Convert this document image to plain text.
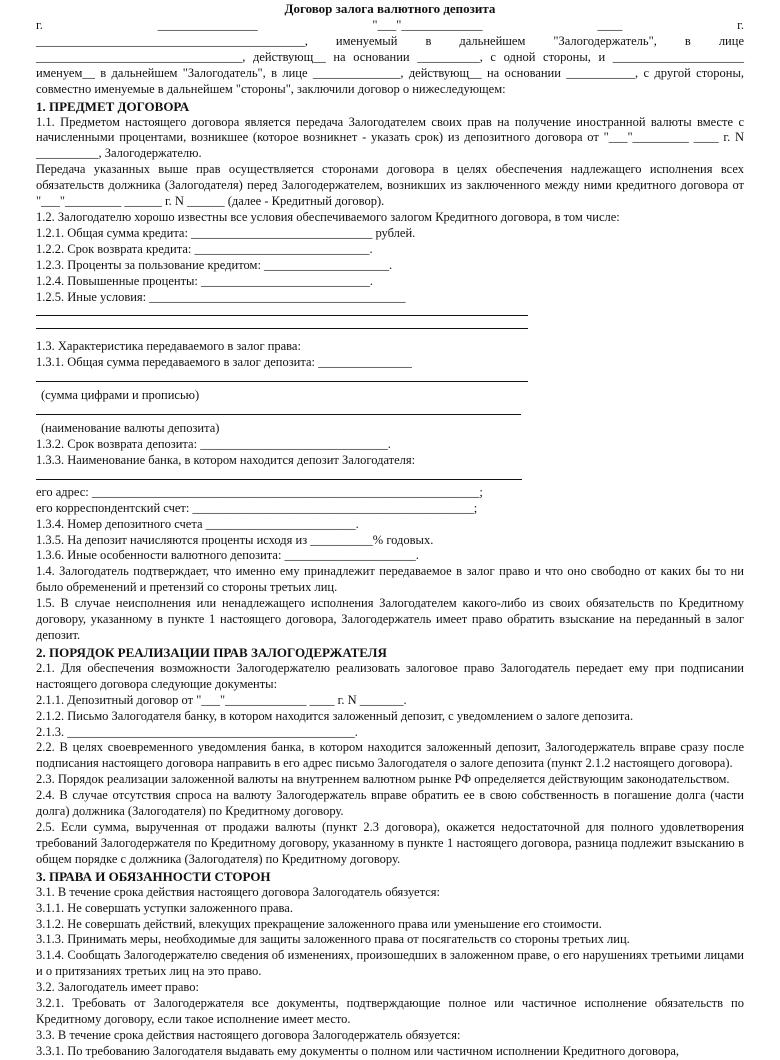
Договор залога валютного депозита

г. ________________ "___"_____________ ____ г.

___________________________________________, именуемый в дальнейшем "Залогодержатель", в лице

_________________________________, действующ__ на основании __________, с одной стороны, и _____________________

именуем__ в дальнейшем "Залогодатель", в лице ______________, действующ__ на основании ___________, с другой стороны,

совместно именуемые в дальнейшем "стороны", заключили договор о нижеследующем:

1. ПРЕДМЕТ ДОГОВОРА

1.1. Предметом настоящего договора является передача Залогодателем своих прав на получение иностранной валюты вместе с начисленными процентами, возникшее (которое возникнет - указать срок) из депозитного договора от "___"_________ ____ г. N __________, Залогодержателю.

Передача указанных выше прав осуществляется сторонами договора в целях обеспечения надлежащего исполнения всех обязательств должника (Залогодателя) перед Залогодержателем, возникших из заключенного между ними кредитного договора от "___"_________ ______ г. N ______ (далее - Кредитный договор).

1.2. Залогодателю хорошо известны все условия обеспечиваемого залогом Кредитного договора, в том числе:

1.2.1. Общая сумма кредита: _____________________________ рублей.

1.2.2. Срок возврата кредита: ____________________________.

1.2.3. Проценты за пользование кредитом: ____________________.

1.2.4. Повышенные проценты: ___________________________.

1.2.5. Иные условия: _________________________________________

1.3. Характеристика передаваемого в залог права:

1.3.1. Общая сумма передаваемого в залог депозита: _______________

(сумма цифрами и прописью)

(наименование валюты депозита)

1.3.2. Срок возврата депозита: ______________________________.

1.3.3. Наименование банка, в котором находится депозит Залогодателя:

его адрес: ______________________________________________________________;

его корреспондентский счет: _____________________________________________;

1.3.4. Номер депозитного счета ________________________.

1.3.5. На депозит начисляются проценты исходя из __________% годовых.

1.3.6. Иные особенности валютного депозита: _____________________.

1.4. Залогодатель подтверждает, что именно ему принадлежит передаваемое в залог право и что оно свободно от каких бы то ни было обременений и претензий со стороны третьих лиц.

1.5. В случае неисполнения или ненадлежащего исполнения Залогодателем какого-либо из своих обязательств по Кредитному договору, указанному в пункте 1 настоящего договора, Залогодержатель имеет право обратить взыскание на переданный в залог депозит.

2. ПОРЯДОК РЕАЛИЗАЦИИ ПРАВ ЗАЛОГОДЕРЖАТЕЛЯ

2.1. Для обеспечения возможности Залогодержателю реализовать залоговое право Залогодатель передает ему при подписании настоящего договора следующие документы:

2.1.1. Депозитный договор от "___"_____________ ____ г. N _______.

2.1.2. Письмо Залогодателя банку, в котором находится заложенный депозит, с уведомлением о залоге депозита.

2.1.3. ______________________________________________.

2.2. В целях своевременного уведомления банка, в котором находится заложенный депозит, Залогодержатель вправе сразу после подписания настоящего договора направить в его адрес письмо Залогодателя о залоге депозита (пункт 2.1.2 настоящего договора).

2.3. Порядок реализации заложенной валюты на внутреннем валютном рынке РФ определяется действующим законодательством.

2.4. В случае отсутствия спроса на валюту Залогодержатель вправе обратить ее в свою собственность в погашение долга (части долга) должника (Залогодателя) по Кредитному договору.

2.5. Если сумма, вырученная от продажи валюты (пункт 2.3 договора), окажется недостаточной для полного удовлетворения требований Залогодержателя по Кредитному договору, указанному в пункте 1 настоящего договора, разница подлежит взысканию в общем порядке с должника (Залогодателя) по Кредитному договору.

3. ПРАВА И ОБЯЗАННОСТИ СТОРОН

3.1. В течение срока действия настоящего договора Залогодатель обязуется:

3.1.1. Не совершать уступки заложенного права.

3.1.2. Не совершать действий, влекущих прекращение заложенного права или уменьшение его стоимости.

3.1.3. Принимать меры, необходимые для защиты заложенного права от посягательств со стороны третьих лиц.

3.1.4. Сообщать Залогодержателю сведения об изменениях, произошедших в заложенном праве, о его нарушениях третьими лицами и о притязаниях третьих лиц на это право.

3.2. Залогодатель имеет право:

3.2.1. Требовать от Залогодержателя все документы, подтверждающие полное или частичное исполнение обязательств по Кредитному договору, если такое исполнение имеет место.

3.3. В течение срока действия настоящего договора Залогодержатель обязуется:

3.3.1. По требованию Залогодателя выдавать ему документы о полном или частичном исполнении Кредитного договора,
